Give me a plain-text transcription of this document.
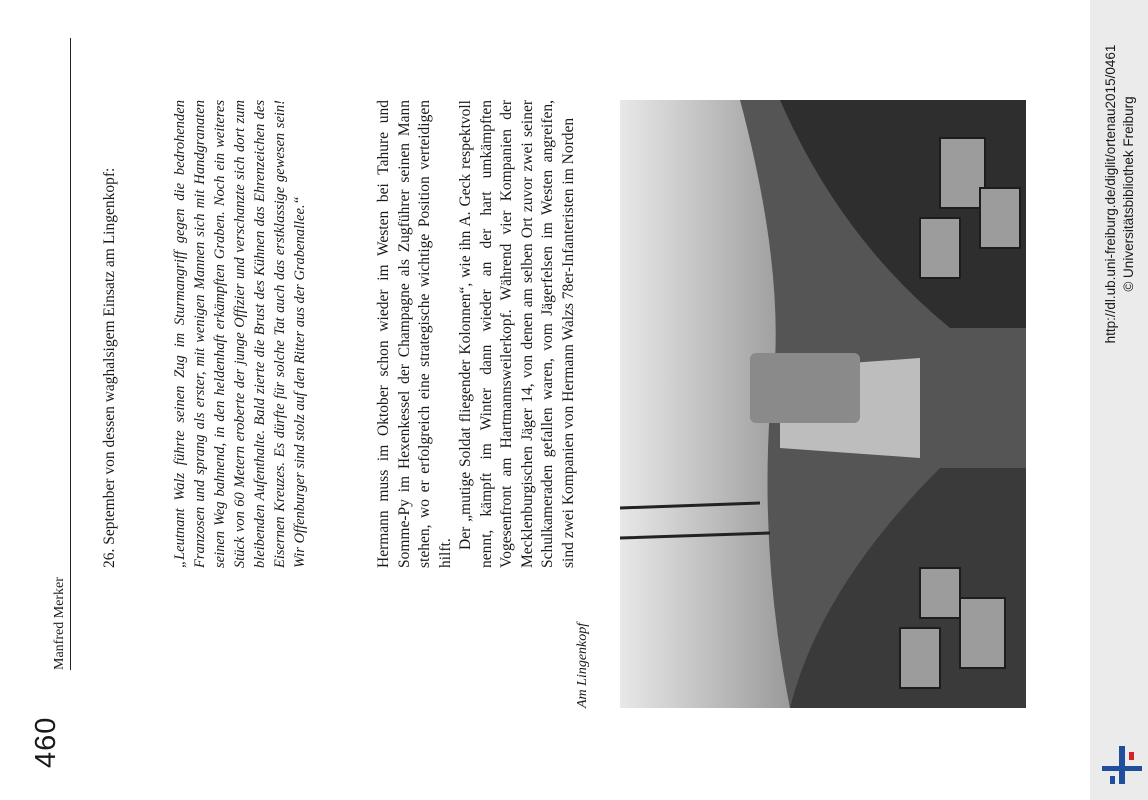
460
Manfred Merker

26. September von dessen waghalsigem Einsatz am Lingenkopf:	„Leutnant Walz führte seinen Zug im Sturmangriff gegen die bedrohenden Franzosen und sprang als erster, mit wenigen Mannen sich mit Handgranaten seinen Weg bahnend, in den heldenhaft erkämpften Graben. Noch ein weiteres Stück von 60 Metern eroberte der junge Offizier und verschanzte sich dort zum bleibenden Aufenthalte. Bald zierte die Brust des Kühnen das Ehrenzeichen des Eisernen Kreuzes. Es dürfte für solche Tat auch das erstklassige gewesen sein! Wir Offenburger sind stolz auf den Ritter aus der Grabenallee.“	Hermann muss im Oktober schon wieder im Westen bei Tahure und Somme-Py im Hexenkessel der Champagne als Zugführer seinen Mann stehen, wo er erfolgreich eine strategische wichtige Position verteidigen hilft.
Der „mutige Soldat fliegender Kolonnen“, wie ihn A. Geck respektvoll nennt, kämpft im Winter dann wieder an der hart umkämpften Vogesenfront am Hartmannsweilerkopf. Während vier Kompanien der Mecklenburgischen Jäger 14, von denen am selben Ort zuvor zwei seiner Schulkameraden gefallen waren, vom Jägerfelsen im Westen angreifen, sind zwei Kompanien von Hermann Walzs 78er-Infanteristen im Norden
Am Lingenkopf
http://dl.ub.uni-freiburg.de/diglit/ortenau2015/0461 © Universitätsbibliothek Freiburg
